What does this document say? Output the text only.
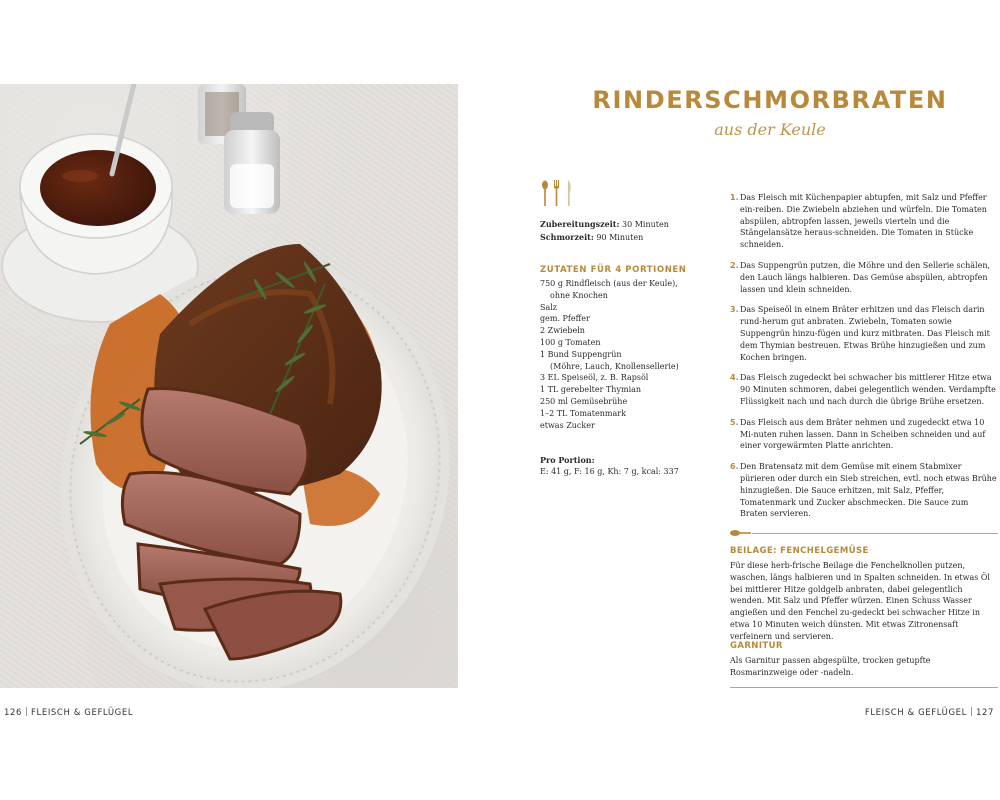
126 FLEISCH & GEFLÜGEL	FLEISCH & GEFLÜGEL 127
RINDERSCHMORBRATEN
aus der Keule
Zubereitungszeit: 30 Minuten
Schmorzeit: 90 Minuten
ZUTATEN FÜR 4 PORTIONEN
750 g Rindfleisch (aus der Keule),
ohne Knochen
Salz
gem. Pfeffer
2 Zwiebeln
100 g Tomaten
1 Bund Suppengrün
(Möhre, Lauch, Knollensellerie)
3 EL Speiseöl, z. B. Rapsöl
1 TL gerebelter Thymian
250 ml Gemüsebrühe
1–2 TL Tomatenmark
etwas Zucker
Pro Portion:
E: 41 g, F: 16 g, Kh: 7 g, kcal: 337
1. Das Fleisch mit Küchenpapier abtupfen, mit Salz und Pfeffer ein-reiben. Die Zwiebeln abziehen und würfeln. Die Tomaten abspülen, abtropfen lassen, jeweils vierteln und die Stängelansätze heraus-schneiden. Die Tomaten in Stücke schneiden.
2. Das Suppengrün putzen, die Möhre und den Sellerie schälen, den Lauch längs halbieren. Das Gemüse abspülen, abtropfen lassen und klein schneiden.
3. Das Speiseöl in einem Bräter erhitzen und das Fleisch darin rund-herum gut anbraten. Zwiebeln, Tomaten sowie Suppengrün hinzu-fügen und kurz mitbraten. Das Fleisch mit dem Thymian bestreuen. Etwas Brühe hinzugießen und zum Kochen bringen.
4. Das Fleisch zugedeckt bei schwacher bis mittlerer Hitze etwa 90 Minuten schmoren, dabei gelegentlich wenden. Verdampfte Flüssigkeit nach und nach durch die übrige Brühe ersetzen.
5. Das Fleisch aus dem Bräter nehmen und zugedeckt etwa 10 Mi-nuten ruhen lassen. Dann in Scheiben schneiden und auf einer vorgewärmten Platte anrichten.
6. Den Bratensatz mit dem Gemüse mit einem Stabmixer pürieren oder durch ein Sieb streichen, evtl. noch etwas Brühe hinzugießen. Die Sauce erhitzen, mit Salz, Pfeffer, Tomatenmark und Zucker abschmecken. Die Sauce zum Braten servieren.
BEILAGE: FENCHELGEMÜSE
Für diese herb-frische Beilage die Fenchelknollen putzen, waschen, längs halbieren und in Spalten schneiden. In etwas Öl bei mittlerer Hitze goldgelb anbraten, dabei gelegentlich wenden. Mit Salz und Pfeffer würzen. Einen Schuss Wasser angießen und den Fenchel zu-gedeckt bei schwacher Hitze in etwa 10 Minuten weich dünsten. Mit etwas Zitronensaft verfeinern und servieren.
GARNITUR
Als Garnitur passen abgespülte, trocken getupfte Rosmarinzweige oder -nadeln.
